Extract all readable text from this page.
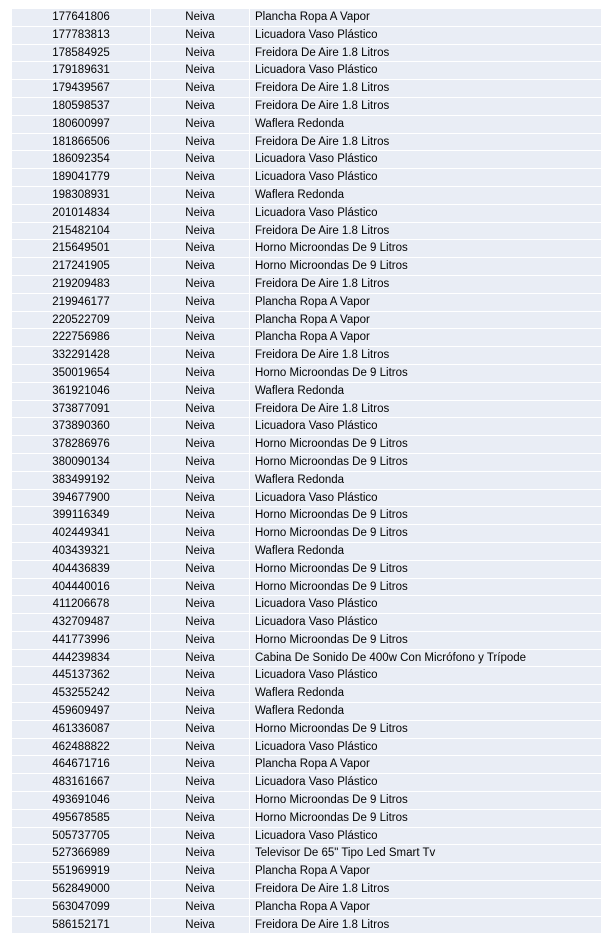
177641806	Neiva	Plancha Ropa A Vapor
177783813	Neiva	Licuadora Vaso Plástico
178584925	Neiva	Freidora De Aire 1.8 Litros
179189631	Neiva	Licuadora Vaso Plástico
179439567	Neiva	Freidora De Aire 1.8 Litros
180598537	Neiva	Freidora De Aire 1.8 Litros
180600997	Neiva	Waflera Redonda
181866506	Neiva	Freidora De Aire 1.8 Litros
186092354	Neiva	Licuadora Vaso Plástico
189041779	Neiva	Licuadora Vaso Plástico
198308931	Neiva	Waflera Redonda
201014834	Neiva	Licuadora Vaso Plástico
215482104	Neiva	Freidora De Aire 1.8 Litros
215649501	Neiva	Horno Microondas De 9 Litros
217241905	Neiva	Horno Microondas De 9 Litros
219209483	Neiva	Freidora De Aire 1.8 Litros
219946177	Neiva	Plancha Ropa A Vapor
220522709	Neiva	Plancha Ropa A Vapor
222756986	Neiva	Plancha Ropa A Vapor
332291428	Neiva	Freidora De Aire 1.8 Litros
350019654	Neiva	Horno Microondas De 9 Litros
361921046	Neiva	Waflera Redonda
373877091	Neiva	Freidora De Aire 1.8 Litros
373890360	Neiva	Licuadora Vaso Plástico
378286976	Neiva	Horno Microondas De 9 Litros
380090134	Neiva	Horno Microondas De 9 Litros
383499192	Neiva	Waflera Redonda
394677900	Neiva	Licuadora Vaso Plástico
399116349	Neiva	Horno Microondas De 9 Litros
402449341	Neiva	Horno Microondas De 9 Litros
403439321	Neiva	Waflera Redonda
404436839	Neiva	Horno Microondas De 9 Litros
404440016	Neiva	Horno Microondas De 9 Litros
411206678	Neiva	Licuadora Vaso Plástico
432709487	Neiva	Licuadora Vaso Plástico
441773996	Neiva	Horno Microondas De 9 Litros
444239834	Neiva	Cabina De Sonido De 400w Con Micrófono y Trípode
445137362	Neiva	Licuadora Vaso Plástico
453255242	Neiva	Waflera Redonda
459609497	Neiva	Waflera Redonda
461336087	Neiva	Horno Microondas De 9 Litros
462488822	Neiva	Licuadora Vaso Plástico
464671716	Neiva	Plancha Ropa A Vapor
483161667	Neiva	Licuadora Vaso Plástico
493691046	Neiva	Horno Microondas De 9 Litros
495678585	Neiva	Horno Microondas De 9 Litros
505737705	Neiva	Licuadora Vaso Plástico
527366989	Neiva	Televisor De 65" Tipo Led Smart Tv
551969919	Neiva	Plancha Ropa A Vapor
562849000	Neiva	Freidora De Aire 1.8 Litros
563047099	Neiva	Plancha Ropa A Vapor
586152171	Neiva	Freidora De Aire 1.8 Litros
